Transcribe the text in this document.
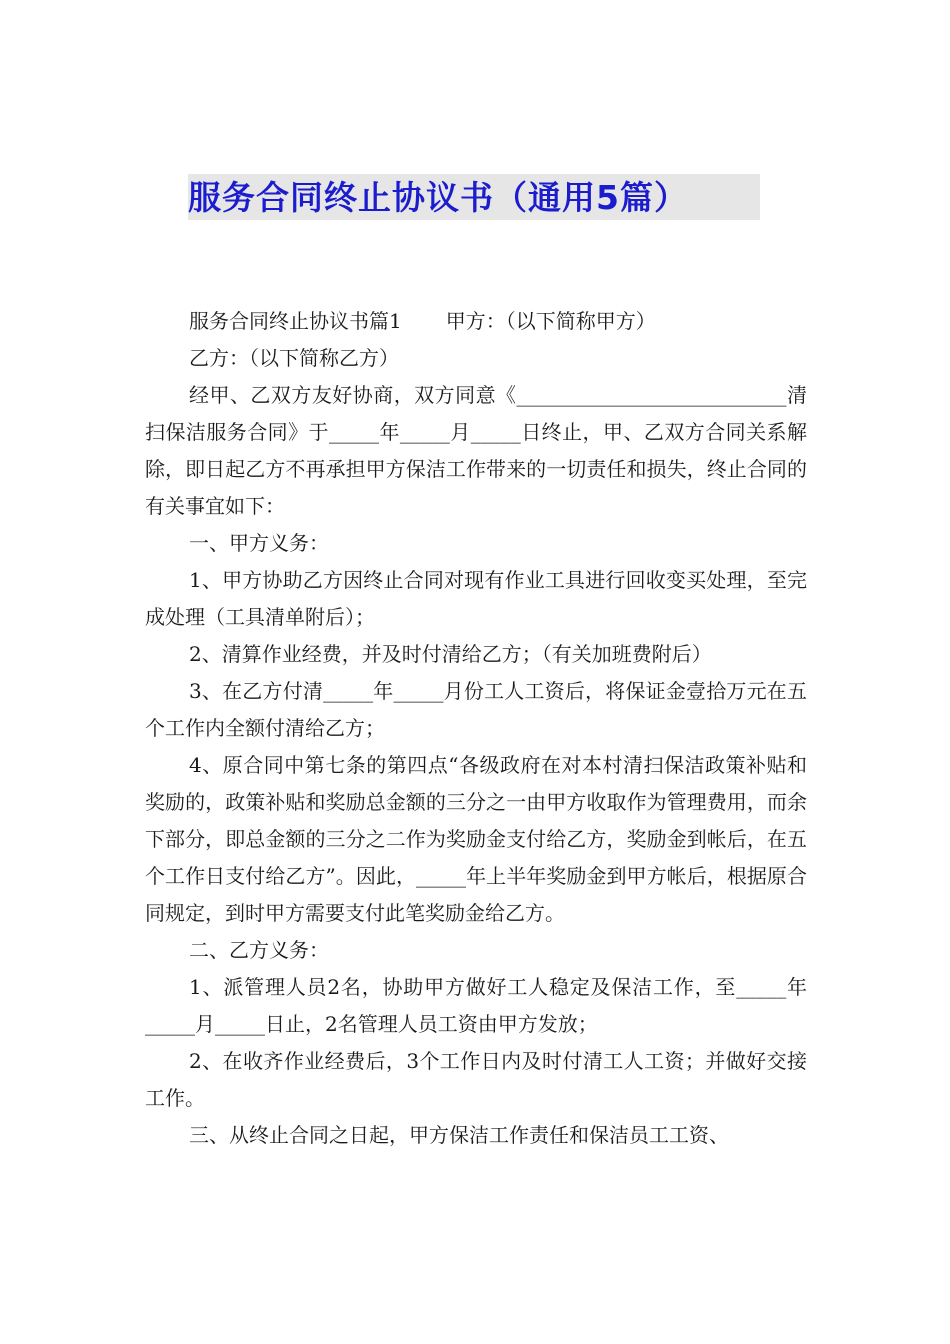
服务合同终止协议书（通用5篇）

服务合同终止协议书篇1 甲方：（以下简称甲方）

乙方：（以下简称乙方）

经甲、乙双方友好协商，双方同意《___________________________清扫保洁服务合同》于_____年_____月_____日终止，甲、乙双方合同关系解除，即日起乙方不再承担甲方保洁工作带来的一切责任和损失，终止合同的有关事宜如下：

一、甲方义务：

1、甲方协助乙方因终止合同对现有作业工具进行回收变买处理，至完成处理（工具清单附后）；

2、清算作业经费，并及时付清给乙方；（有关加班费附后）

3、在乙方付清_____年_____月份工人工资后，将保证金壹拾万元在五个工作内全额付清给乙方；

4、原合同中第七条的第四点“各级政府在对本村清扫保洁政策补贴和奖励的，政策补贴和奖励总金额的三分之一由甲方收取作为管理费用，而余下部分，即总金额的三分之二作为奖励金支付给乙方，奖励金到帐后，在五个工作日支付给乙方”。因此，_____年上半年奖励金到甲方帐后，根据原合同规定，到时甲方需要支付此笔奖励金给乙方。

二、乙方义务：

1、派管理人员2名，协助甲方做好工人稳定及保洁工作，至_____年_____月_____日止，2名管理人员工资由甲方发放；

2、在收齐作业经费后，3个工作日内及时付清工人工资；并做好交接工作。

三、从终止合同之日起，甲方保洁工作责任和保洁员工工资、
